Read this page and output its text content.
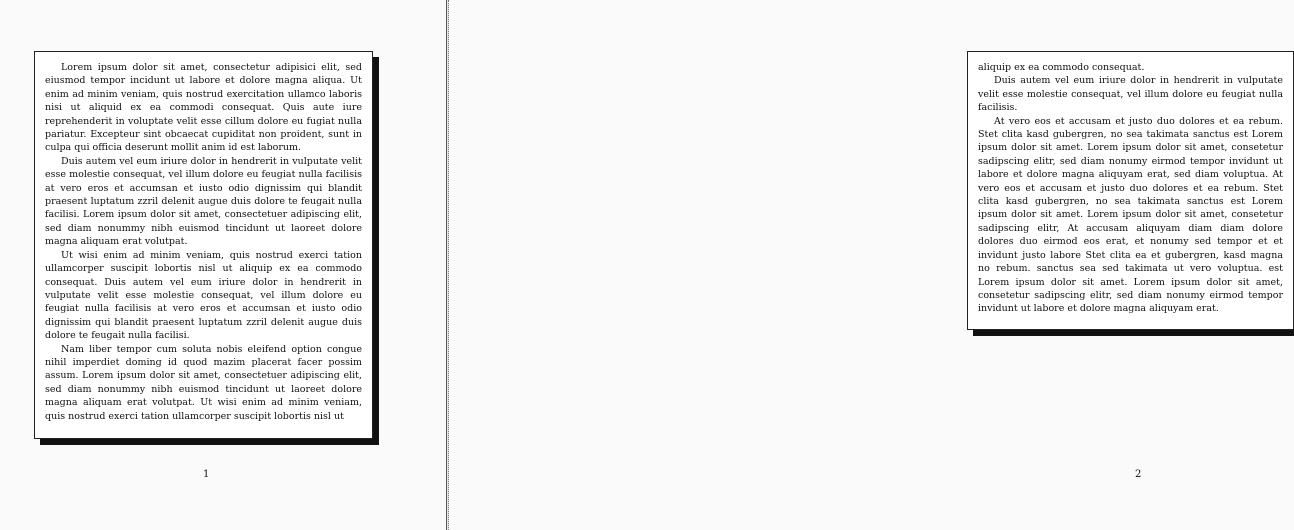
Lorem ipsum dolor sit amet, consectetur adipisici elit, sed eiusmod tempor incidunt ut labore et dolore magna aliqua. Ut enim ad minim veniam, quis nostrud exercitation ullamco laboris nisi ut aliquid ex ea commodi consequat. Quis aute iure reprehenderit in voluptate velit esse cillum dolore eu fugiat nulla pariatur. Excepteur sint obcaecat cupiditat non proident, sunt in culpa qui officia deserunt mollit anim id est laborum.

Duis autem vel eum iriure dolor in hendrerit in vulputate velit esse molestie consequat, vel illum dolore eu feugiat nulla facilisis at vero eros et accumsan et iusto odio dignissim qui blandit praesent luptatum zzril delenit augue duis dolore te feugait nulla facilisi. Lorem ipsum dolor sit amet, consectetuer adipiscing elit, sed diam nonummy nibh euismod tincidunt ut laoreet dolore magna aliquam erat volutpat.

Ut wisi enim ad minim veniam, quis nostrud exerci tation ullamcorper suscipit lobortis nisl ut aliquip ex ea commodo consequat. Duis autem vel eum iriure dolor in hendrerit in vulputate velit esse molestie consequat, vel illum dolore eu feugiat nulla facilisis at vero eros et accumsan et iusto odio dignissim qui blandit praesent luptatum zzril delenit augue duis dolore te feugait nulla facilisi.

Nam liber tempor cum soluta nobis eleifend option congue nihil imperdiet doming id quod mazim placerat facer possim assum. Lorem ipsum dolor sit amet, consectetuer adipiscing elit, sed diam nonummy nibh euismod tincidunt ut laoreet dolore magna aliquam erat volutpat. Ut wisi enim ad minim veniam, quis nostrud exerci tation ullamcorper suscipit lobortis nisl ut

1

aliquip ex ea commodo consequat.

Duis autem vel eum iriure dolor in hendrerit in vulputate velit esse molestie consequat, vel illum dolore eu feugiat nulla facilisis.

At vero eos et accusam et justo duo dolores et ea rebum. Stet clita kasd gubergren, no sea takimata sanctus est Lorem ipsum dolor sit amet. Lorem ipsum dolor sit amet, consetetur sadipscing elitr, sed diam nonumy eirmod tempor invidunt ut labore et dolore magna aliquyam erat, sed diam voluptua. At vero eos et accusam et justo duo dolores et ea rebum. Stet clita kasd gubergren, no sea takimata sanctus est Lorem ipsum dolor sit amet. Lorem ipsum dolor sit amet, consetetur sadipscing elitr, At accusam aliquyam diam diam dolore dolores duo eirmod eos erat, et nonumy sed tempor et et invidunt justo labore Stet clita ea et gubergren, kasd magna no rebum. sanctus sea sed takimata ut vero voluptua. est Lorem ipsum dolor sit amet. Lorem ipsum dolor sit amet, consetetur sadipscing elitr, sed diam nonumy eirmod tempor invidunt ut labore et dolore magna aliquyam erat.

2
